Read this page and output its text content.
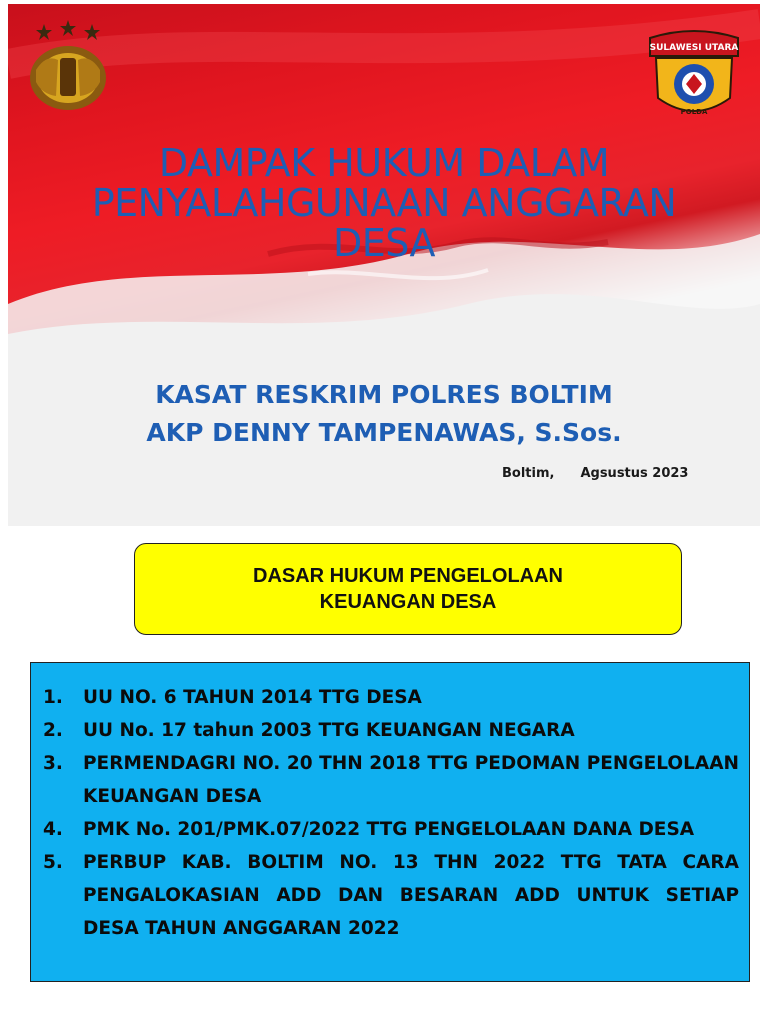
SULAWESI UTARA
POLDA
DAMPAK HUKUM DALAM
PENYALAHGUNAAN ANGGARAN
DESA
KASAT RESKRIM POLRES BOLTIM
AKP DENNY TAMPENAWAS, S.Sos.
Boltim, Agsustus 2023
DASAR HUKUM PENGELOLAAN
KEUANGAN DESA
1.	UU NO. 6 TAHUN 2014 TTG DESA
2.	UU No. 17 tahun 2003 TTG KEUANGAN NEGARA
3.	PERMENDAGRI NO. 20 THN 2018 TTG PEDOMAN PENGELOLAAN KEUANGAN DESA
4.	PMK No. 201/PMK.07/2022 TTG PENGELOLAAN DANA DESA
5.	PERBUP KAB. BOLTIM NO. 13 THN 2022 TTG TATA CARA PENGALOKASIAN ADD DAN BESARAN ADD UNTUK SETIAP DESA TAHUN ANGGARAN 2022
